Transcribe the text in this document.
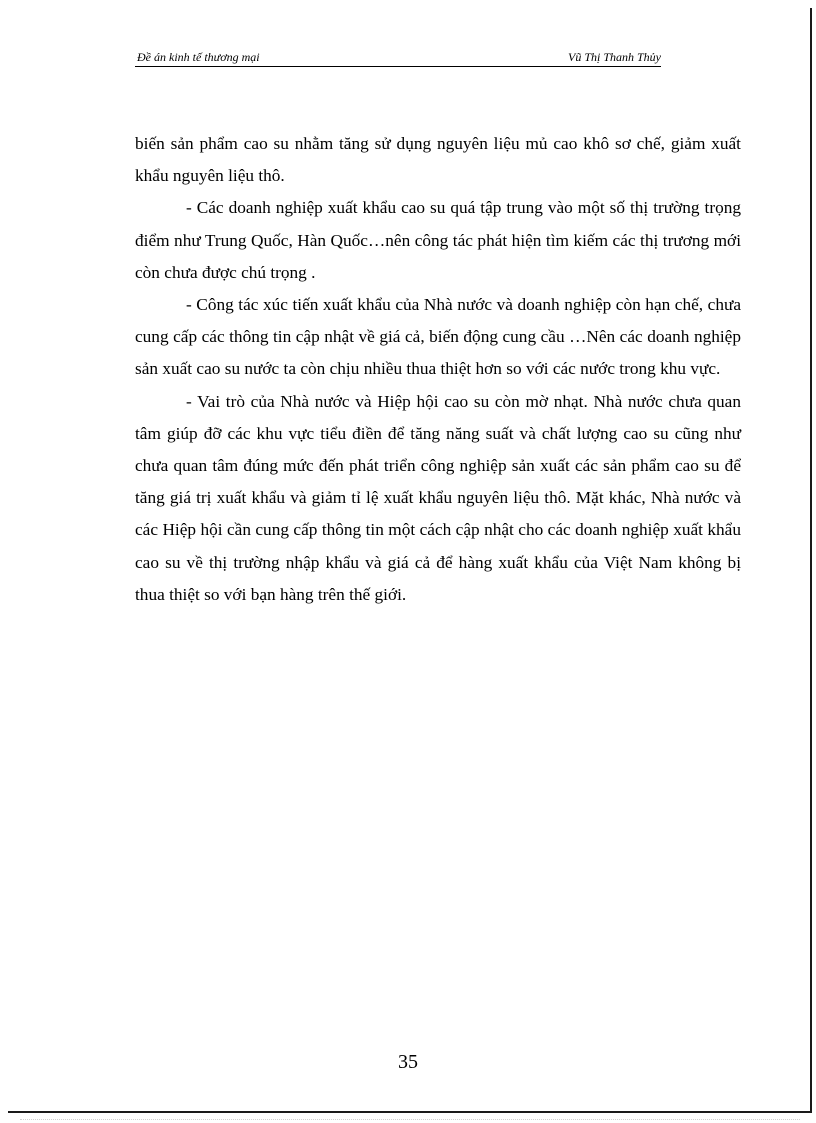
Đề án kinh tế thương mại	Vũ Thị Thanh Thủy

biến sản phẩm cao su nhằm tăng sử dụng nguyên liệu mủ cao khô sơ chế, giảm xuất khẩu nguyên liệu thô.

- Các doanh nghiệp xuất khẩu cao su quá tập trung vào một số thị trường trọng điểm như Trung Quốc, Hàn Quốc…nên công tác phát hiện tìm kiếm các thị trương mới còn chưa được chú trọng .

- Công tác xúc tiến xuất khẩu của Nhà nước và doanh nghiệp còn hạn chế, chưa cung cấp các thông tin cập nhật về giá cả, biến động cung cầu …Nên các doanh nghiệp sản xuất cao su nước ta còn chịu nhiều thua thiệt hơn so với các nước trong khu vực.

- Vai trò của Nhà nước và Hiệp hội cao su còn mờ nhạt. Nhà nước chưa quan tâm giúp đỡ các khu vực tiểu điền để tăng năng suất và chất lượng cao su cũng như chưa quan tâm đúng mức đến phát triển công nghiệp sản xuất các sản phẩm cao su để tăng giá trị xuất khẩu và giảm tỉ lệ xuất khẩu nguyên liệu thô. Mặt khác, Nhà nước và các Hiệp hội cần cung cấp thông tin một cách cập nhật cho các doanh nghiệp xuất khẩu cao su về thị trường nhập khẩu và giá cả để hàng xuất khẩu của Việt Nam không bị thua thiệt so với bạn hàng trên thế giới.

35
